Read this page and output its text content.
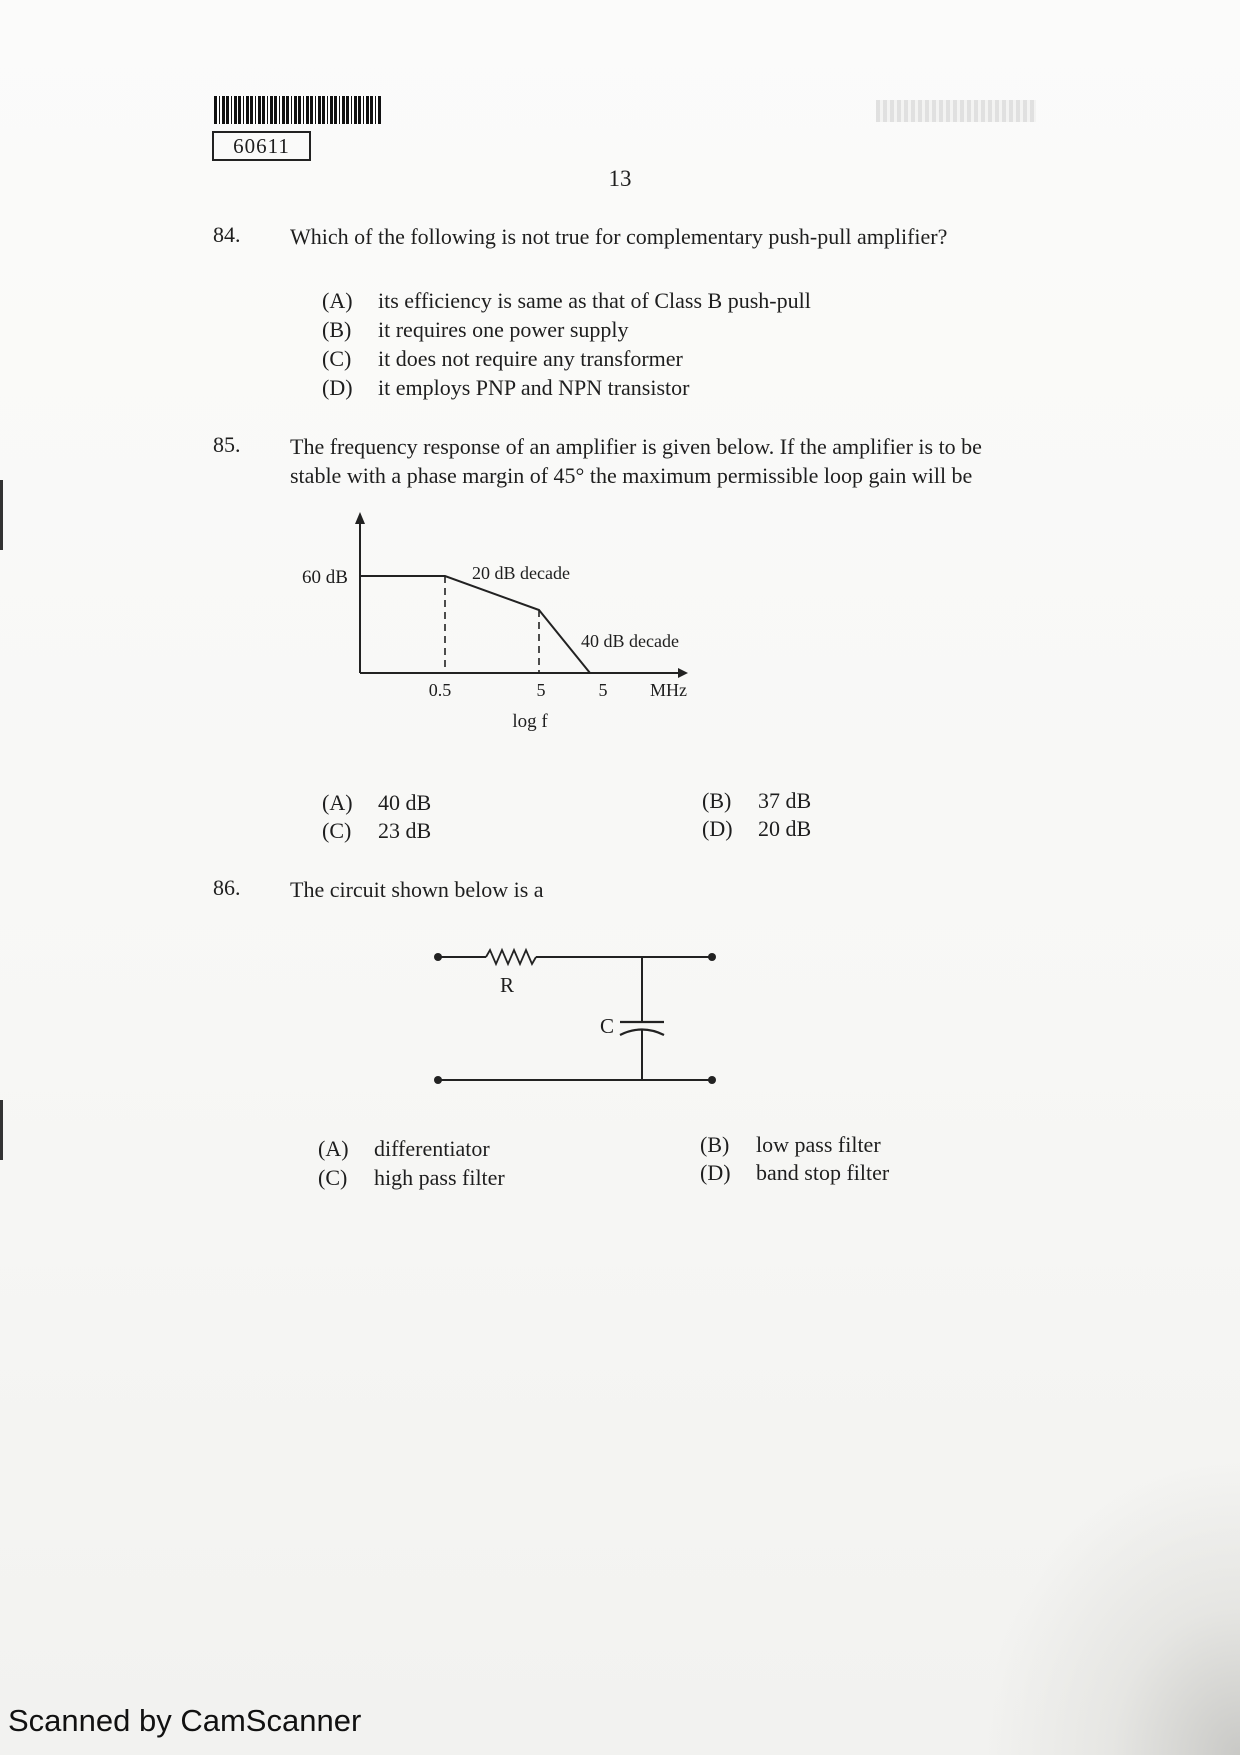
60611
13
84. Which of the following is not true for complementary push-pull amplifier?
(A) its efficiency is same as that of Class B push-pull
(B) it requires one power supply
(C) it does not require any transformer
(D) it employs PNP and NPN transistor
85. The frequency response of an amplifier is given below. If the amplifier is to be
stable with a phase margin of 45° the maximum permissible loop gain will be
60 dB	20 dB decade
40 dB decade
0.5	5	5 MHz
log f
(A) 40 dB	(B) 37 dB
(C) 23 dB	(D) 20 dB
86. The circuit shown below is a
R
C
(A) differentiator	(B) low pass filter
(C) high pass filter	(D) band stop filter
Scanned by CamScanner
